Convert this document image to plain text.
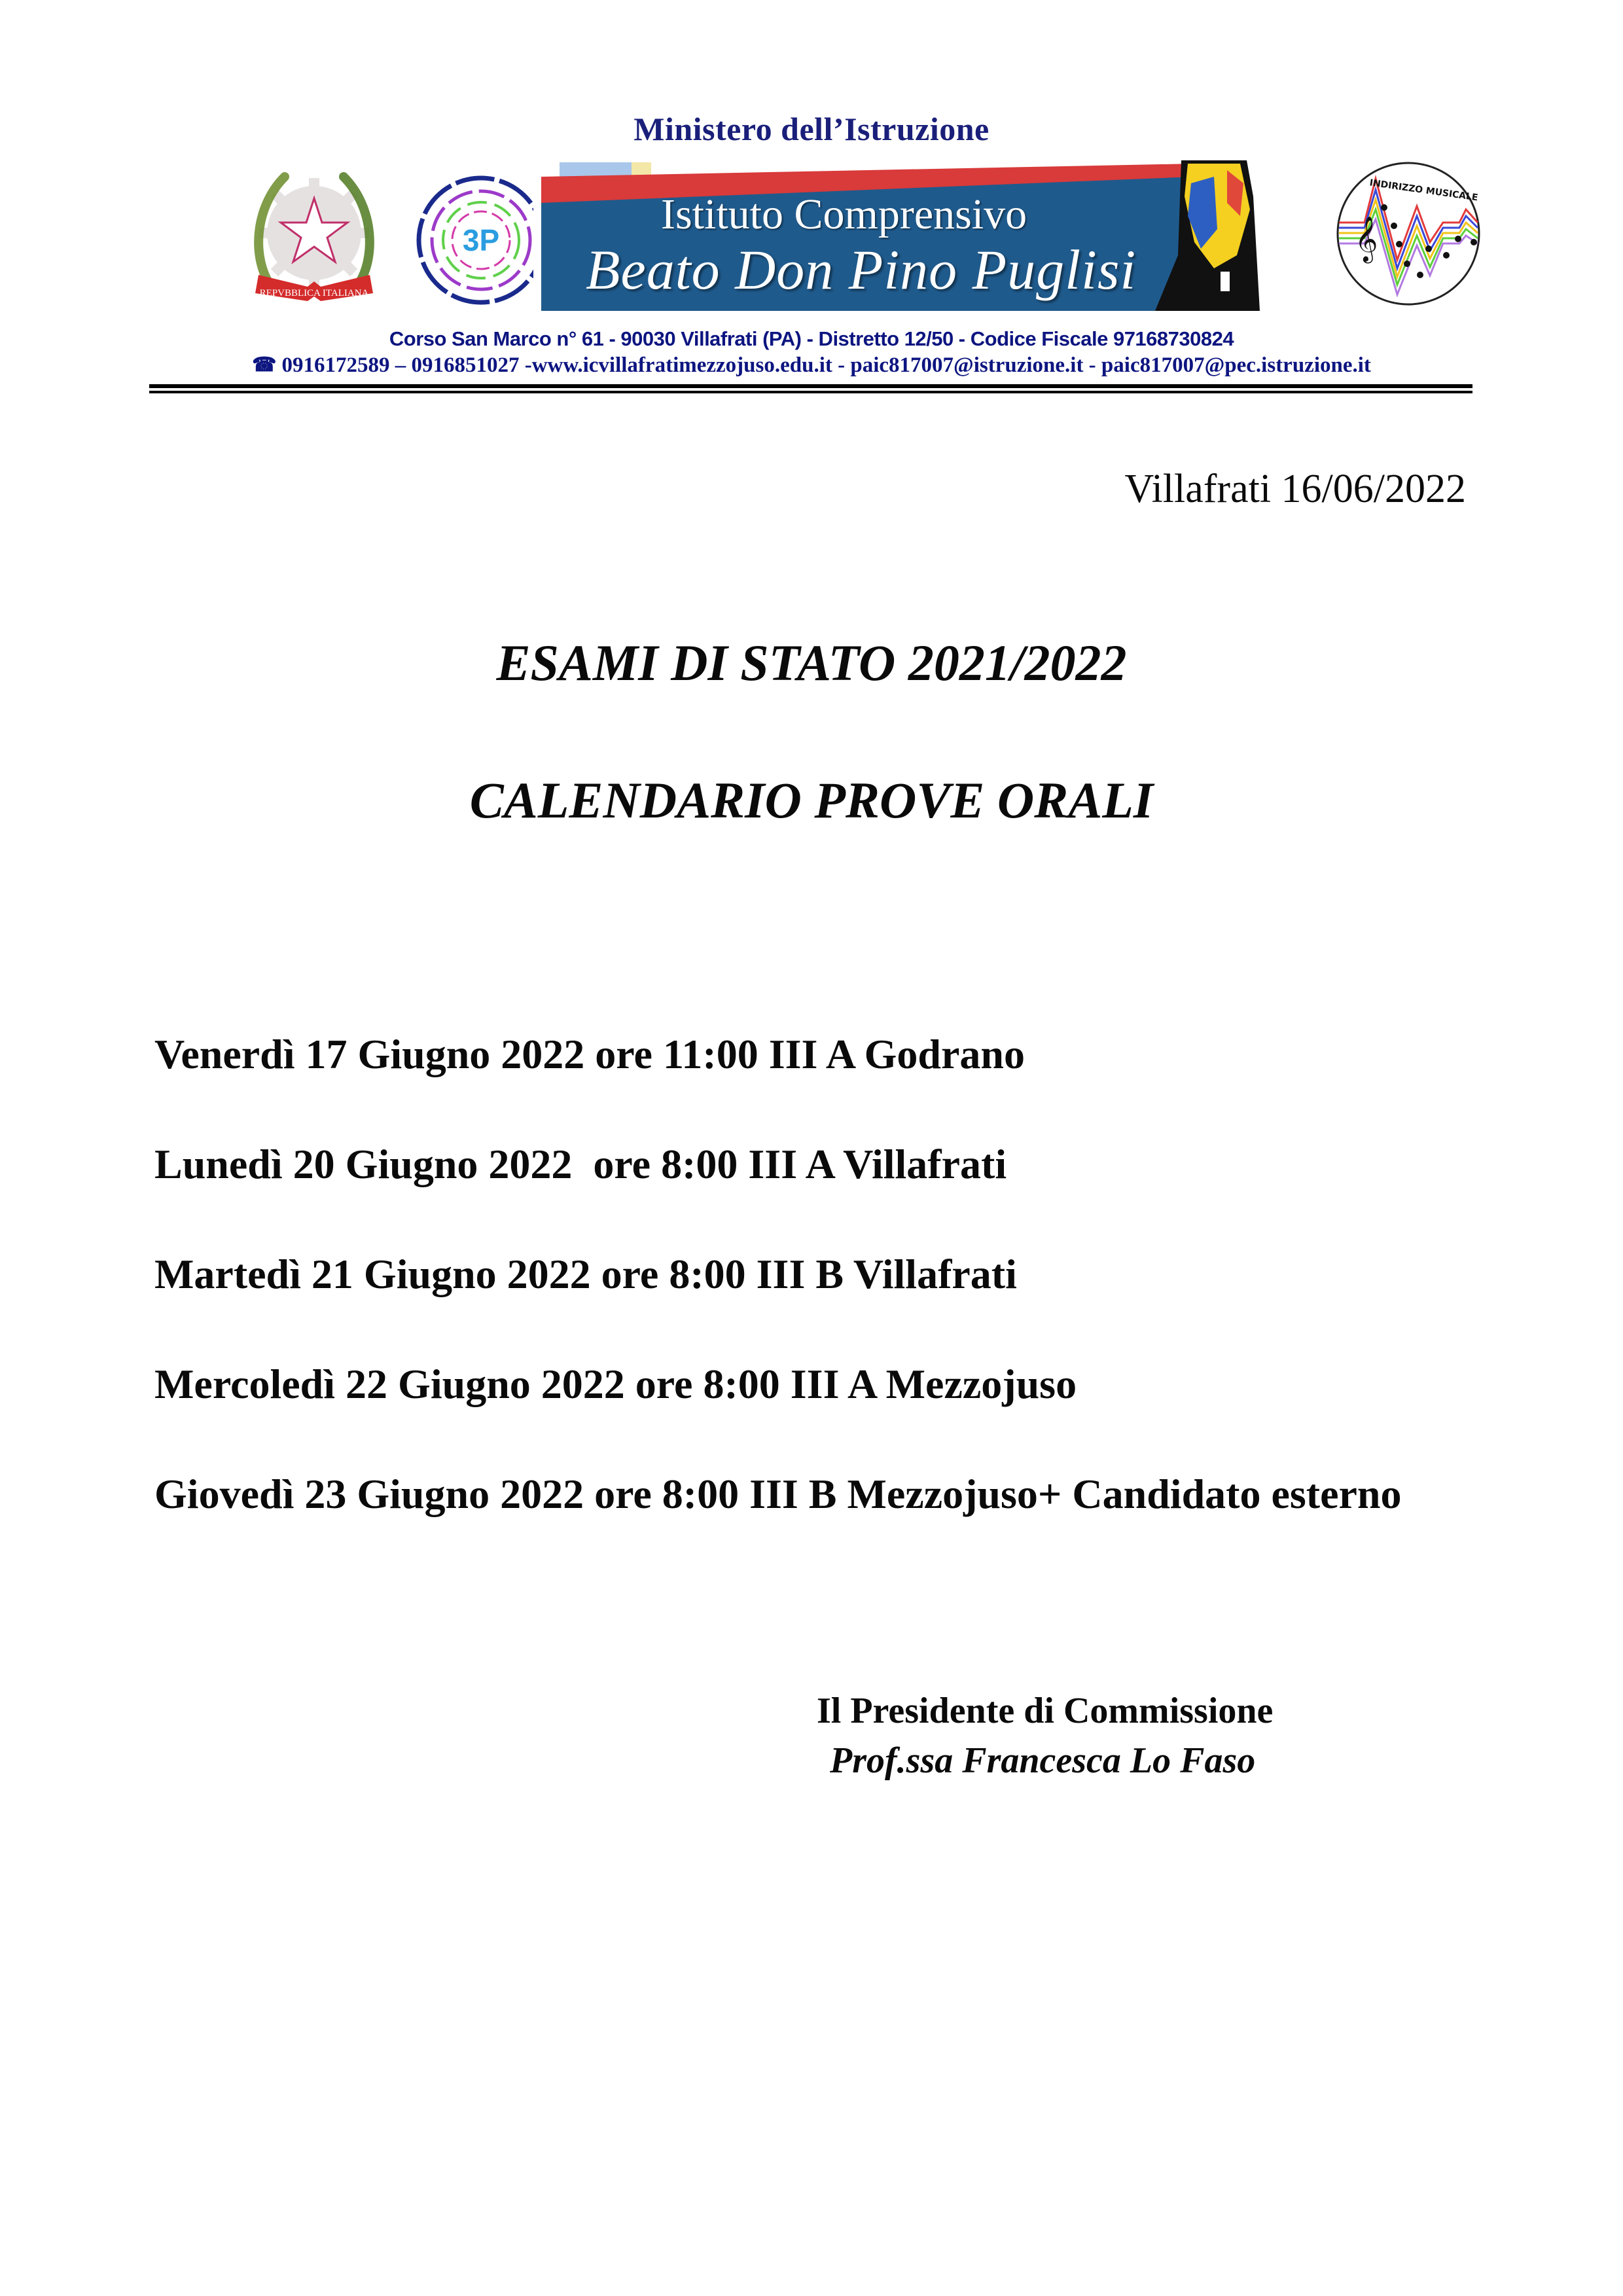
Ministero dell’Istruzione
REPVBBLICA ITALIANA
3P
Istituto Comprensivo
Beato Don Pino Puglisi
INDIRIZZO MUSICALE
𝄞
Corso San Marco n° 61 - 90030 Villafrati (PA) - Distretto 12/50 - Codice Fiscale 97168730824
☎ 0916172589 – 0916851027 -www.icvillafratimezzojuso.edu.it - paic817007@istruzione.it - paic817007@pec.istruzione.it
Villafrati 16/06/2022
ESAMI DI STATO 2021/2022
CALENDARIO PROVE ORALI
Venerdì 17 Giugno 2022 ore 11:00 III A Godrano
Lunedì 20 Giugno 2022  ore 8:00 III A Villafrati
Martedì 21 Giugno 2022 ore 8:00 III B Villafrati
Mercoledì 22 Giugno 2022 ore 8:00 III A Mezzojuso
Giovedì 23 Giugno 2022 ore 8:00 III B Mezzojuso+ Candidato esterno
Il Presidente di Commissione
Prof.ssa Francesca Lo Faso
